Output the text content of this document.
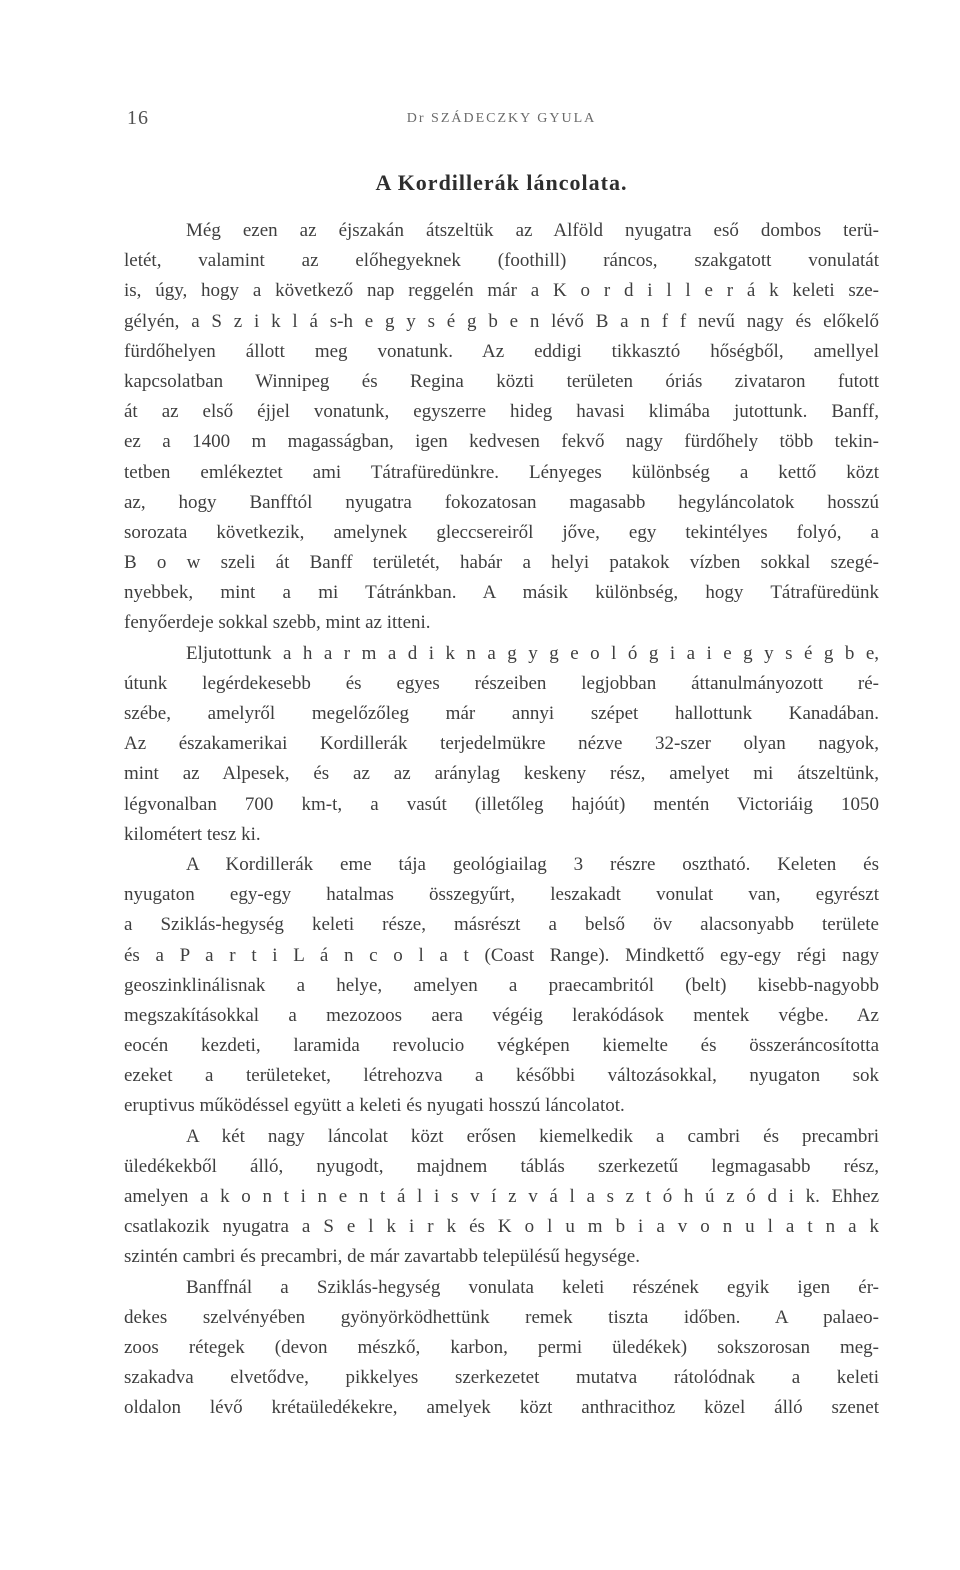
16	Dr SZÁDECZKY GYULA
A Kordillerák láncolata.
Még ezen az éjszakán átszeltük az Alföld nyugatra eső dombos terü-
letét, valamint az előhegyeknek (foothill) ráncos, szakgatott vonulatát
is, úgy, hogy a következő nap reggelén már a K o r d i l l e r á k keleti sze-
gélyén, a S z i k l á s-h e g y s é g b e n lévő B a n f f nevű nagy és előkelő
fürdőhelyen állott meg vonatunk. Az eddigi tikkasztó hőségből, amellyel
kapcsolatban Winnipeg és Regina közti területen óriás zivataron futott
át az első éjjel vonatunk, egyszerre hideg havasi klimába jutottunk. Banff,
ez a 1400 m magasságban, igen kedvesen fekvő nagy fürdőhely több tekin-
tetben emlékeztet ami Tátrafüredünkre. Lényeges különbség a kettő közt
az, hogy Banfftól nyugatra fokozatosan magasabb hegyláncolatok hosszú
sorozata következik, amelynek gleccsereiről jőve, egy tekintélyes folyó, a
B o w szeli át Banff területét, habár a helyi patakok vízben sokkal szegé-
nyebbek, mint a mi Tátránkban. A másik különbség, hogy Tátrafüredünk
fenyőerdeje sokkal szebb, mint az itteni.
Eljutottunk a h a r m a d i k n a g y g e o l ó g i a i e g y s é g b e,
útunk legérdekesebb és egyes részeiben legjobban áttanulmányozott ré-
szébe, amelyről megelőzőleg már annyi szépet hallottunk Kanadában.
Az északamerikai Kordillerák terjedelmükre nézve 32-szer olyan nagyok,
mint az Alpesek, és az az aránylag keskeny rész, amelyet mi átszeltünk,
légvonalban 700 km-t, a vasút (illetőleg hajóút) mentén Victoriáig 1050
kilométert tesz ki.
A Kordillerák eme tája geológiailag 3 részre osztható. Keleten és
nyugaton egy-egy hatalmas összegyűrt, leszakadt vonulat van, egyrészt
a Sziklás-hegység keleti része, másrészt a belső öv alacsonyabb területe
és a P a r t i L á n c o l a t (Coast Range). Mindkettő egy-egy régi nagy
geoszinklinálisnak a helye, amelyen a praecambritól (belt) kisebb-nagyobb
megszakításokkal a mezozoos aera végéig lerakódások mentek végbe. Az
eocén kezdeti, laramida revolucio végképen kiemelte és összeráncosította
ezeket a területeket, létrehozva a későbbi változásokkal, nyugaton sok
eruptivus működéssel együtt a keleti és nyugati hosszú láncolatot.
A két nagy láncolat közt erősen kiemelkedik a cambri és precambri
üledékekből álló, nyugodt, majdnem táblás szerkezetű legmagasabb rész,
amelyen a k o n t i n e n t á l i s v í z v á l a s z t ó h ú z ó d i k. Ehhez
csatlakozik nyugatra a S e l k i r k és K o l u m b i a v o n u l a t n a k
szintén cambri és precambri, de már zavartabb településű hegysége.
Banffnál a Sziklás-hegység vonulata keleti részének egyik igen ér-
dekes szelvényében gyönyörködhettünk remek tiszta időben. A palaeo-
zoos rétegek (devon mészkő, karbon, permi üledékek) sokszorosan meg-
szakadva elvetődve, pikkelyes szerkezetet mutatva rátolódnak a keleti
oldalon lévő krétaüledékekre, amelyek közt anthracithoz közel álló szenet
